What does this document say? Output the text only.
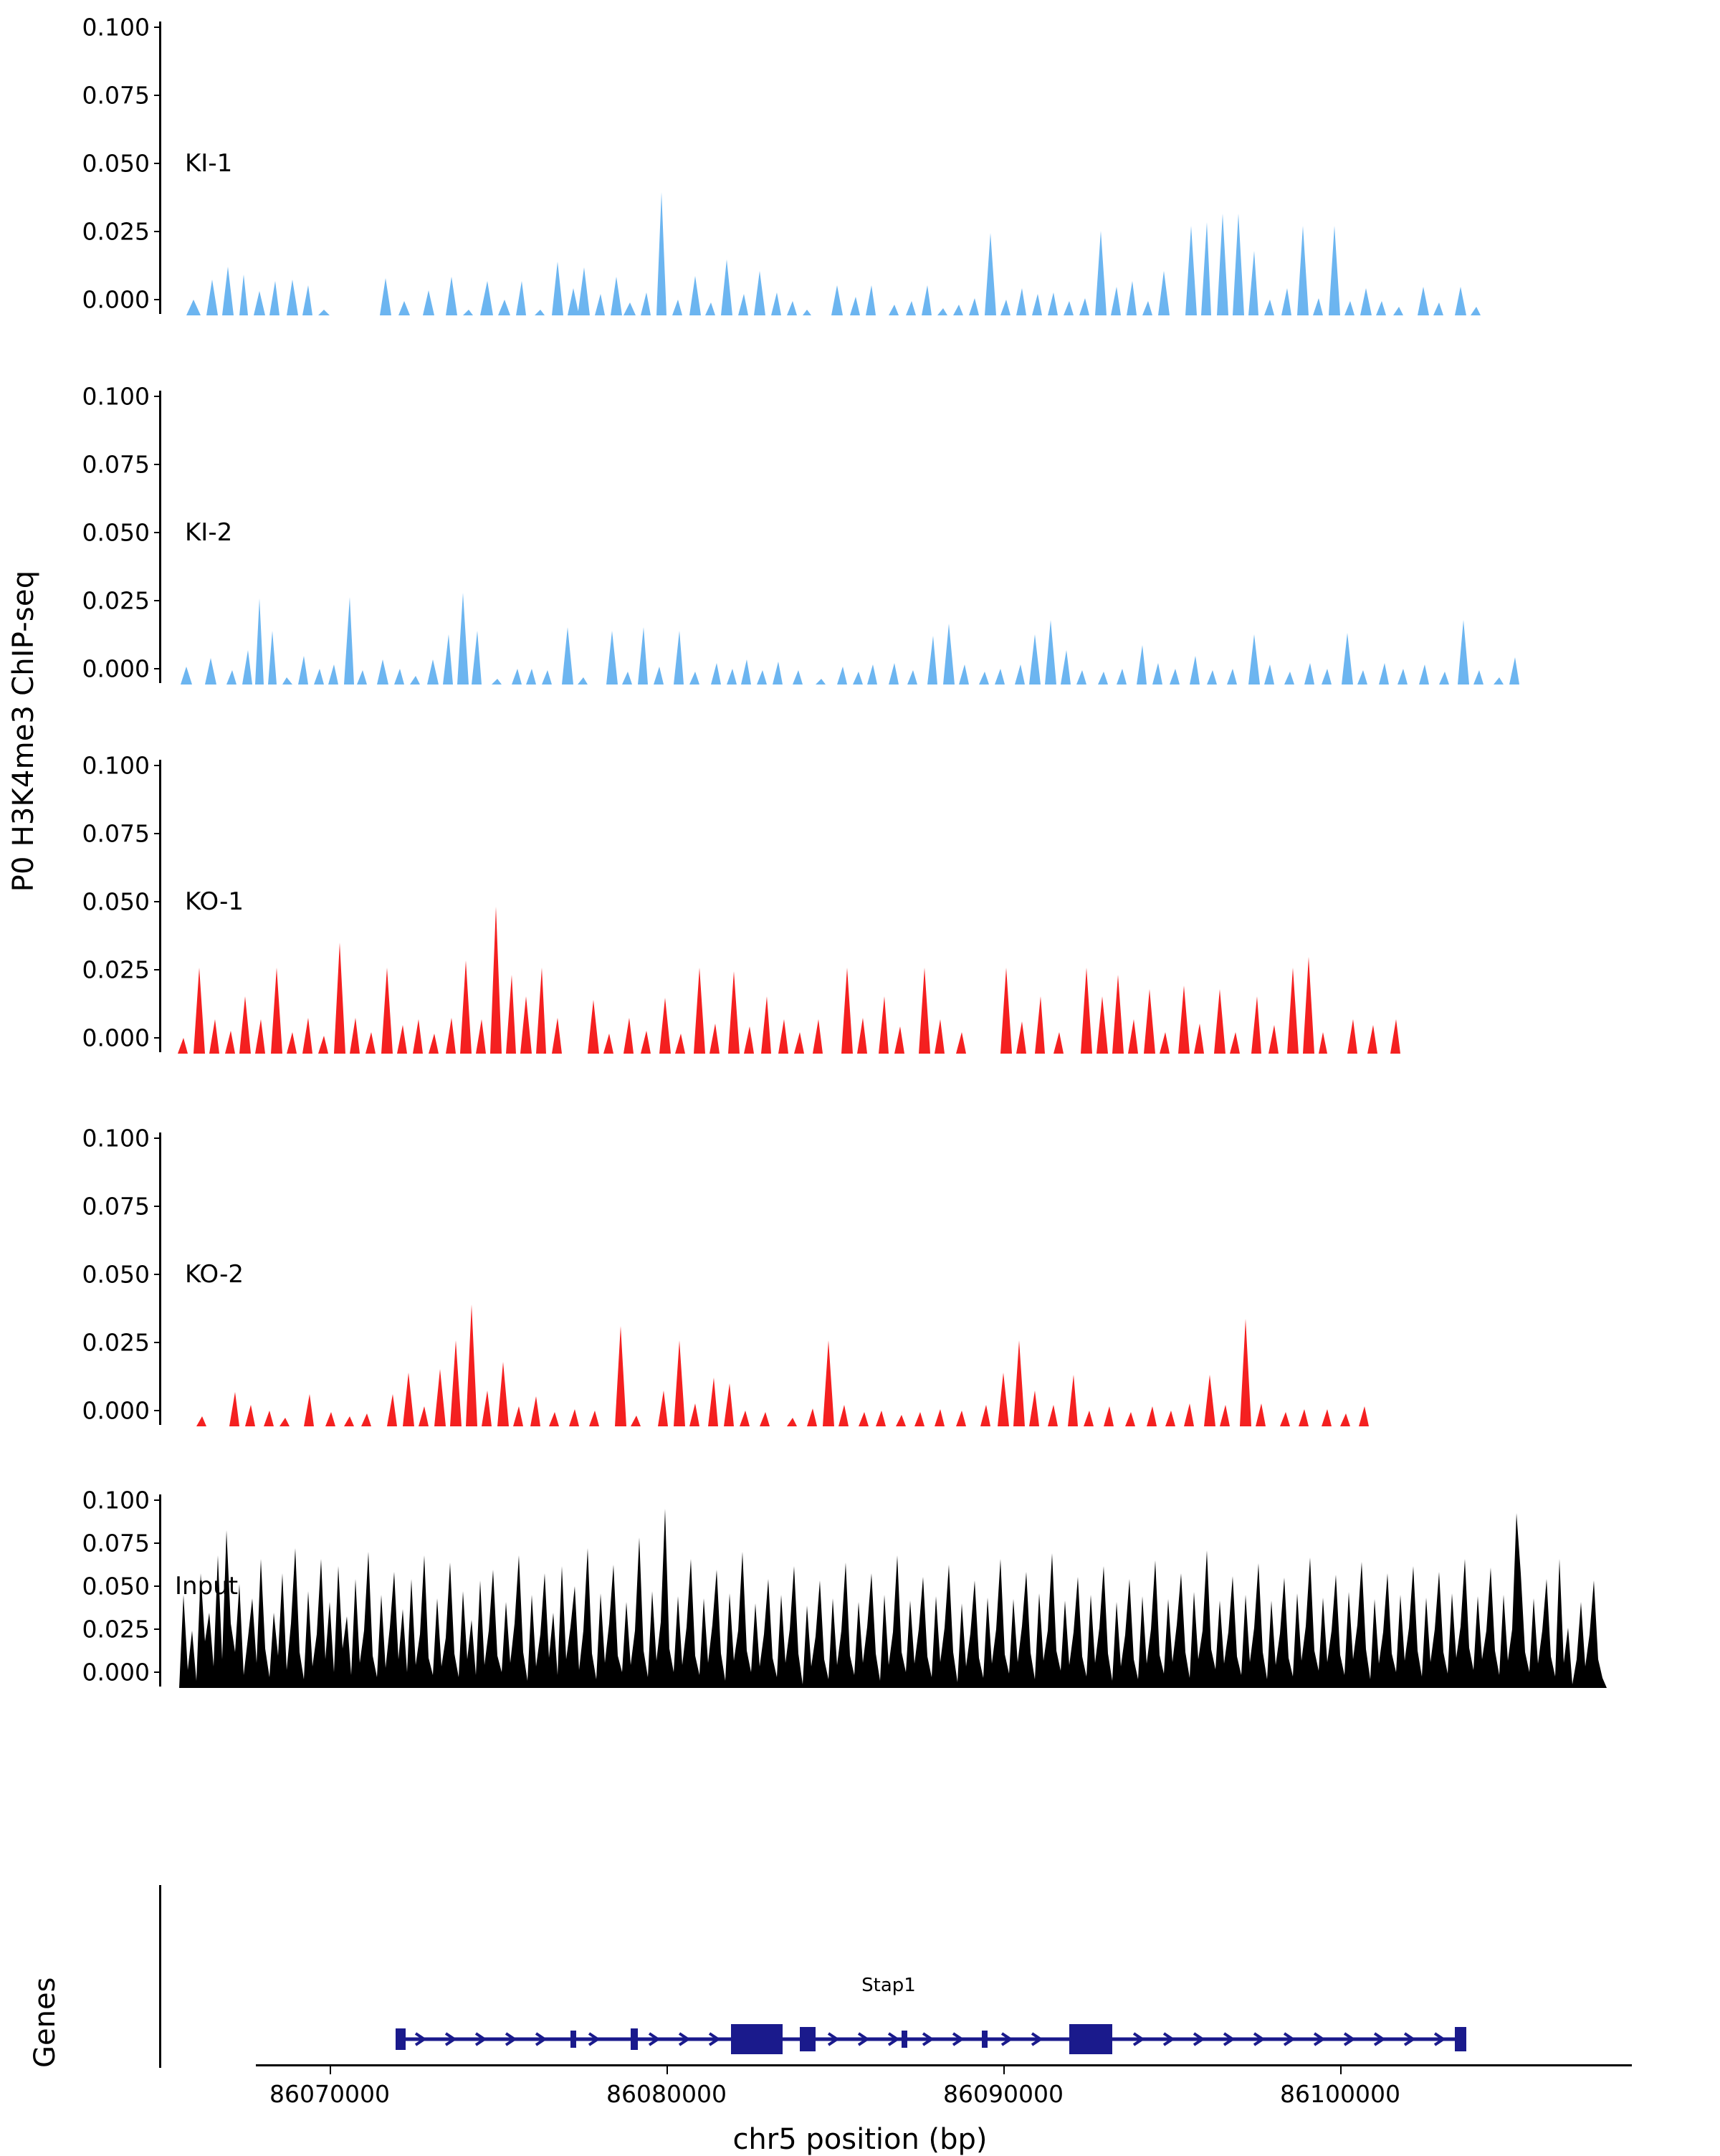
P0 H3K4me3 ChIP-seq
0.100
0.075
0.050
0.025
0.000
KI-1
0.100
0.075
0.050
0.025
0.000
KI-2
0.100
0.075
0.050
0.025
0.000
KO-1
0.100
0.075
0.050
0.025
0.000
KO-2
0.100
0.075
0.050
0.025
0.000
Input
Genes	Stap1
86070000	86080000	86090000	86100000
chr5 position (bp)
